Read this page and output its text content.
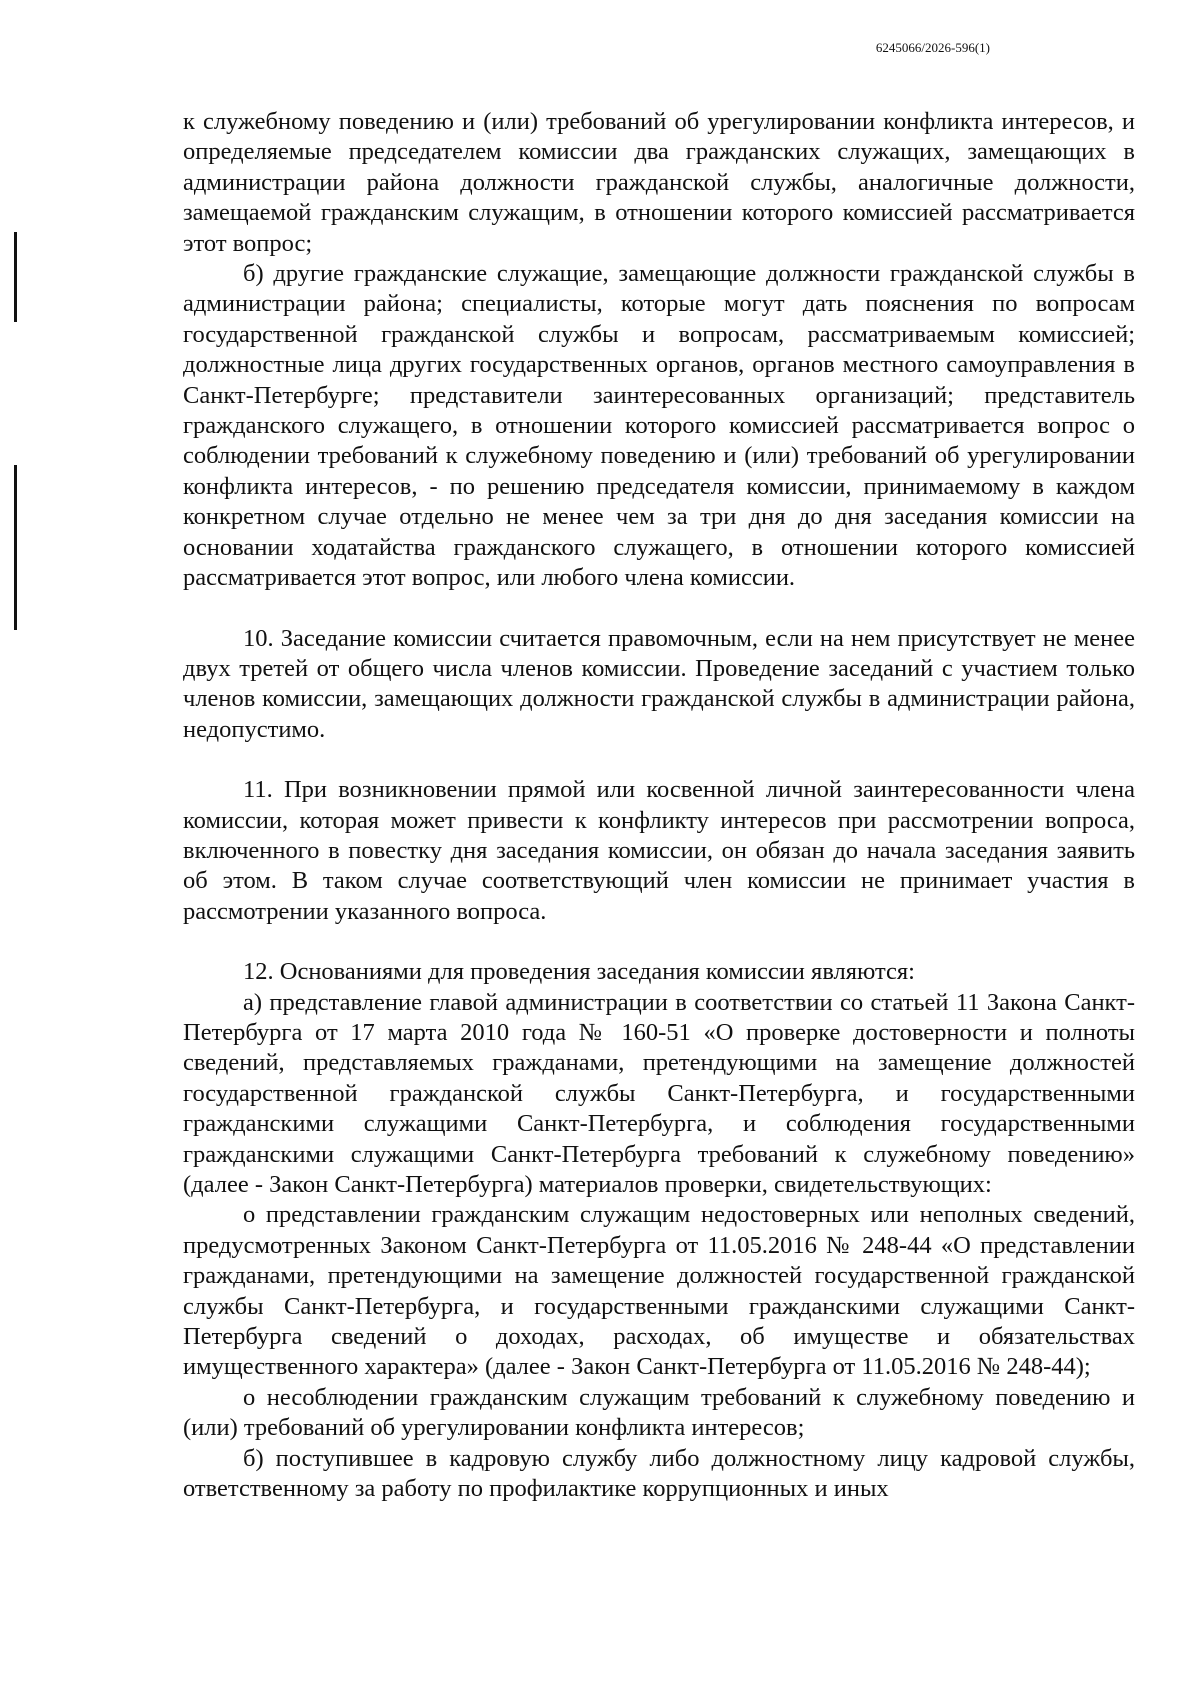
6245066/2026-596(1)

к служебному поведению и (или) требований об урегулировании конфликта интересов, и определяемые председателем комиссии два гражданских служащих, замещающих в администрации района должности гражданской службы, аналогичные должности, замещаемой гражданским служащим, в отношении которого комиссией рассматривается этот вопрос;

б) другие гражданские служащие, замещающие должности гражданской службы в администрации района; специалисты, которые могут дать пояснения по вопросам государственной гражданской службы и вопросам, рассматриваемым комиссией; должностные лица других государственных органов, органов местного самоуправления в Санкт-Петербурге; представители заинтересованных организаций; представитель гражданского служащего, в отношении которого комиссией рассматривается вопрос о соблюдении требований к служебному поведению и (или) требований об урегулировании конфликта интересов, - по решению председателя комиссии, принимаемому в каждом конкретном случае отдельно не менее чем за три дня до дня заседания комиссии на основании ходатайства гражданского служащего, в отношении которого комиссией рассматривается этот вопрос, или любого члена комиссии.

10. Заседание комиссии считается правомочным, если на нем присутствует не менее двух третей от общего числа членов комиссии. Проведение заседаний с участием только членов комиссии, замещающих должности гражданской службы в администрации района, недопустимо.

11. При возникновении прямой или косвенной личной заинтересованности члена комиссии, которая может привести к конфликту интересов при рассмотрении вопроса, включенного в повестку дня заседания комиссии, он обязан до начала заседания заявить об этом. В таком случае соответствующий член комиссии не принимает участия в рассмотрении указанного вопроса.

12. Основаниями для проведения заседания комиссии являются:

а) представление главой администрации в соответствии со статьей 11 Закона Санкт-Петербурга от 17 марта 2010 года № 160-51 «О проверке достоверности и полноты сведений, представляемых гражданами, претендующими на замещение должностей государственной гражданской службы Санкт-Петербурга, и государственными гражданскими служащими Санкт-Петербурга, и соблюдения государственными гражданскими служащими Санкт-Петербурга требований к служебному поведению» (далее - Закон Санкт-Петербурга) материалов проверки, свидетельствующих:

о представлении гражданским служащим недостоверных или неполных сведений, предусмотренных Законом Санкт-Петербурга от 11.05.2016 № 248-44 «О представлении гражданами, претендующими на замещение должностей государственной гражданской службы Санкт-Петербурга, и государственными гражданскими служащими Санкт-Петербурга сведений о доходах, расходах, об имуществе и обязательствах имущественного характера» (далее - Закон Санкт-Петербурга от 11.05.2016 № 248-44);

о несоблюдении гражданским служащим требований к служебному поведению и (или) требований об урегулировании конфликта интересов;

б) поступившее в кадровую службу либо должностному лицу кадровой службы, ответственному за работу по профилактике коррупционных и иных
